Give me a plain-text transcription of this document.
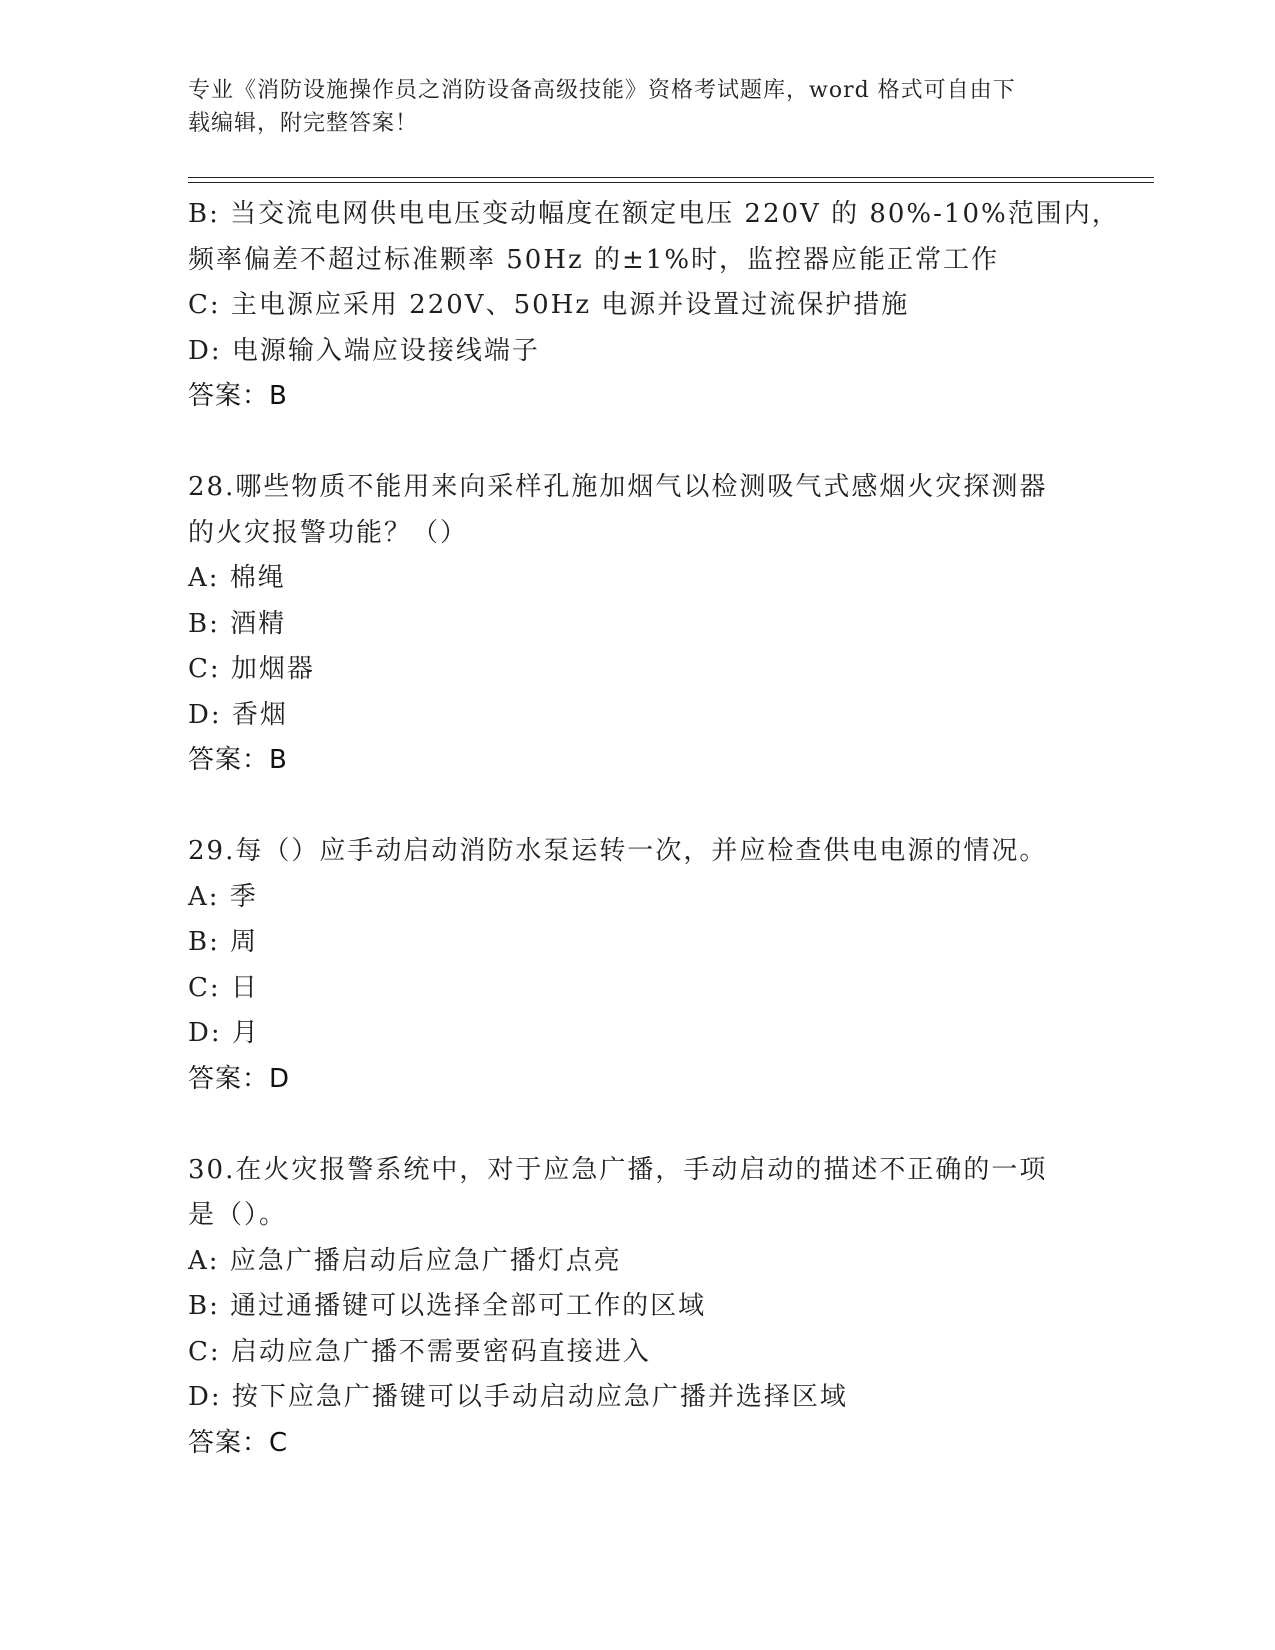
专业《消防设施操作员之消防设备高级技能》资格考试题库，word 格式可自由下
载编辑，附完整答案！
B: 当交流电网供电电压变动幅度在额定电压 220V 的 80%-10%范围内，
频率偏差不超过标准颗率 50Hz 的±1%时，监控器应能正常工作
C: 主电源应采用 220V、50Hz 电源并设置过流保护措施
D: 电源输入端应设接线端子
答案：B
28.哪些物质不能用来向采样孔施加烟气以检测吸气式感烟火灾探测器
的火灾报警功能？（）
A: 棉绳
B: 酒精
C: 加烟器
D: 香烟
答案：B
29.每（）应手动启动消防水泵运转一次，并应检查供电电源的情况。
A: 季
B: 周
C: 日
D: 月
答案：D
30.在火灾报警系统中，对于应急广播，手动启动的描述不正确的一项
是（）。
A: 应急广播启动后应急广播灯点亮
B: 通过通播键可以选择全部可工作的区域
C: 启动应急广播不需要密码直接进入
D: 按下应急广播键可以手动启动应急广播并选择区域
答案：C
